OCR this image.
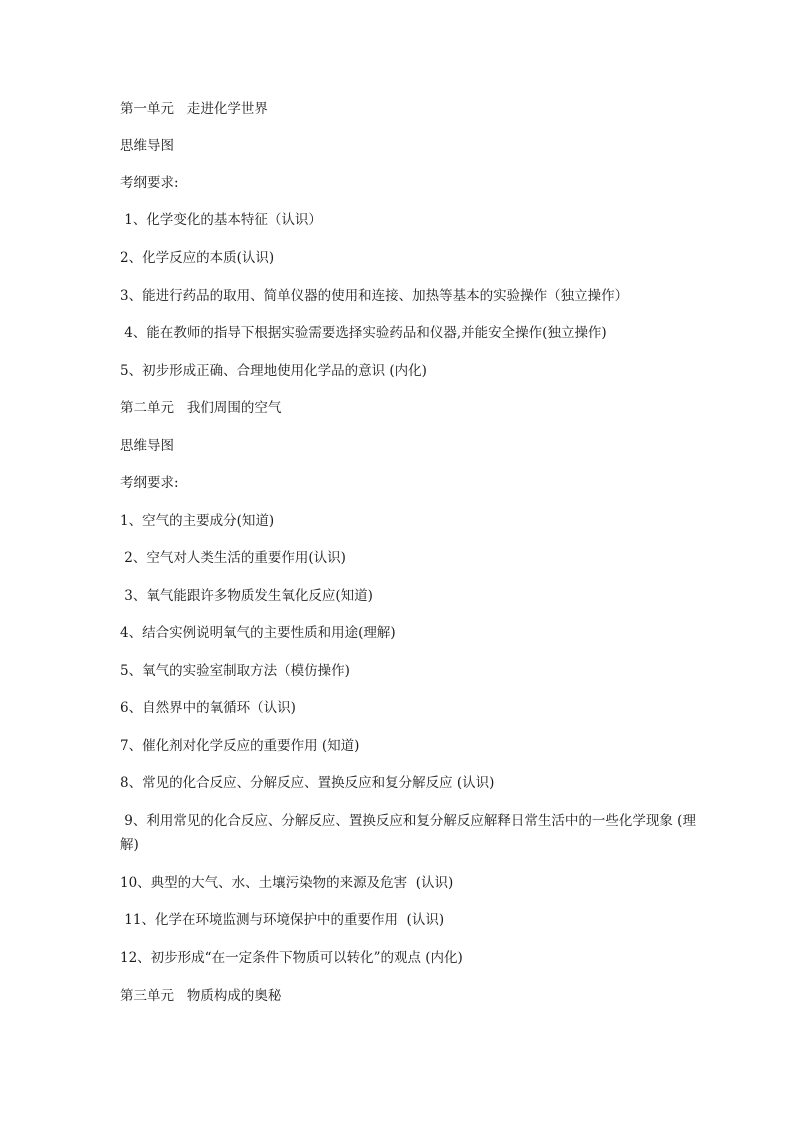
第一单元   走进化学世界
思维导图
考纲要求:
1、化学变化的基本特征（认识）
2、化学反应的本质(认识)
3、能进行药品的取用、简单仪器的使用和连接、加热等基本的实验操作（独立操作）
4、能在教师的指导下根据实验需要选择实验药品和仪器,并能安全操作(独立操作)
5、初步形成正确、合理地使用化学品的意识 (内化)
第二单元   我们周围的空气
思维导图
考纲要求:
1、空气的主要成分(知道)
2、空气对人类生活的重要作用(认识)
3、氧气能跟许多物质发生氧化反应(知道)
4、结合实例说明氧气的主要性质和用途(理解)
5、氧气的实验室制取方法（模仿操作)
6、自然界中的氧循环（认识)
7、催化剂对化学反应的重要作用 (知道)
8、常见的化合反应、分解反应、置换反应和复分解反应 (认识)
9、利用常见的化合反应、分解反应、置换反应和复分解反应解释日常生活中的一些化学现象 (理解)
10、典型的大气、水、土壤污染物的来源及危害  (认识)
11、化学在环境监测与环境保护中的重要作用  (认识)
12、初步形成“在一定条件下物质可以转化”的观点 (内化)
第三单元   物质构成的奥秘
